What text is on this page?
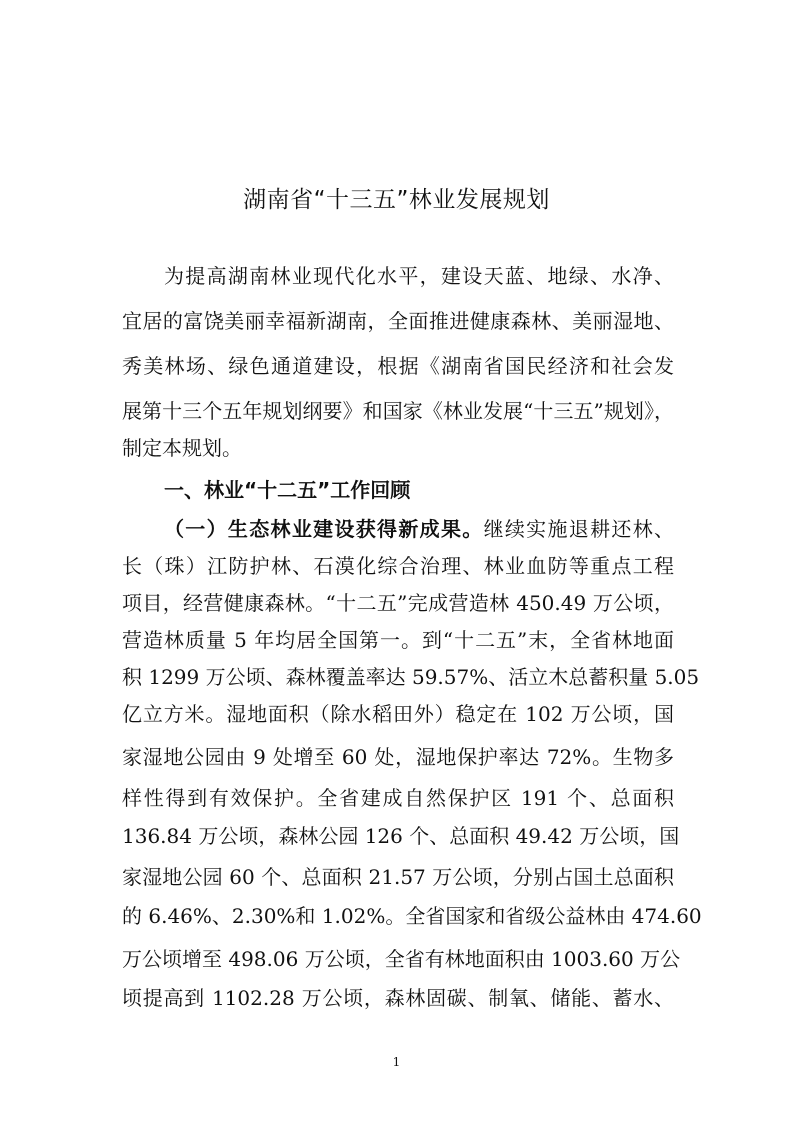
湖南省“十三五”林业发展规划
为提高湖南林业现代化水平，建设天蓝、地绿、水净、
宜居的富饶美丽幸福新湖南，全面推进健康森林、美丽湿地、
秀美林场、绿色通道建设，根据《湖南省国民经济和社会发
展第十三个五年规划纲要》和国家《林业发展“十三五”规划》，
制定本规划。
一、林业“十二五”工作回顾
（一）生态林业建设获得新成果。继续实施退耕还林、
长（珠）江防护林、石漠化综合治理、林业血防等重点工程
项目，经营健康森林。“十二五”完成营造林 450.49 万公顷，
营造林质量 5 年均居全国第一。到“十二五”末，全省林地面
积 1299 万公顷、森林覆盖率达 59.57%、活立木总蓄积量 5.05
亿立方米。湿地面积（除水稻田外）稳定在 102 万公顷，国
家湿地公园由 9 处增至 60 处，湿地保护率达 72%。生物多
样性得到有效保护。全省建成自然保护区 191 个、总面积
136.84 万公顷，森林公园 126 个、总面积 49.42 万公顷，国
家湿地公园 60 个、总面积 21.57 万公顷，分别占国土总面积
的 6.46%、2.30%和 1.02%。全省国家和省级公益林由 474.60
万公顷增至 498.06 万公顷，全省有林地面积由 1003.60 万公
顷提高到 1102.28 万公顷，森林固碳、制氧、储能、蓄水、
1
